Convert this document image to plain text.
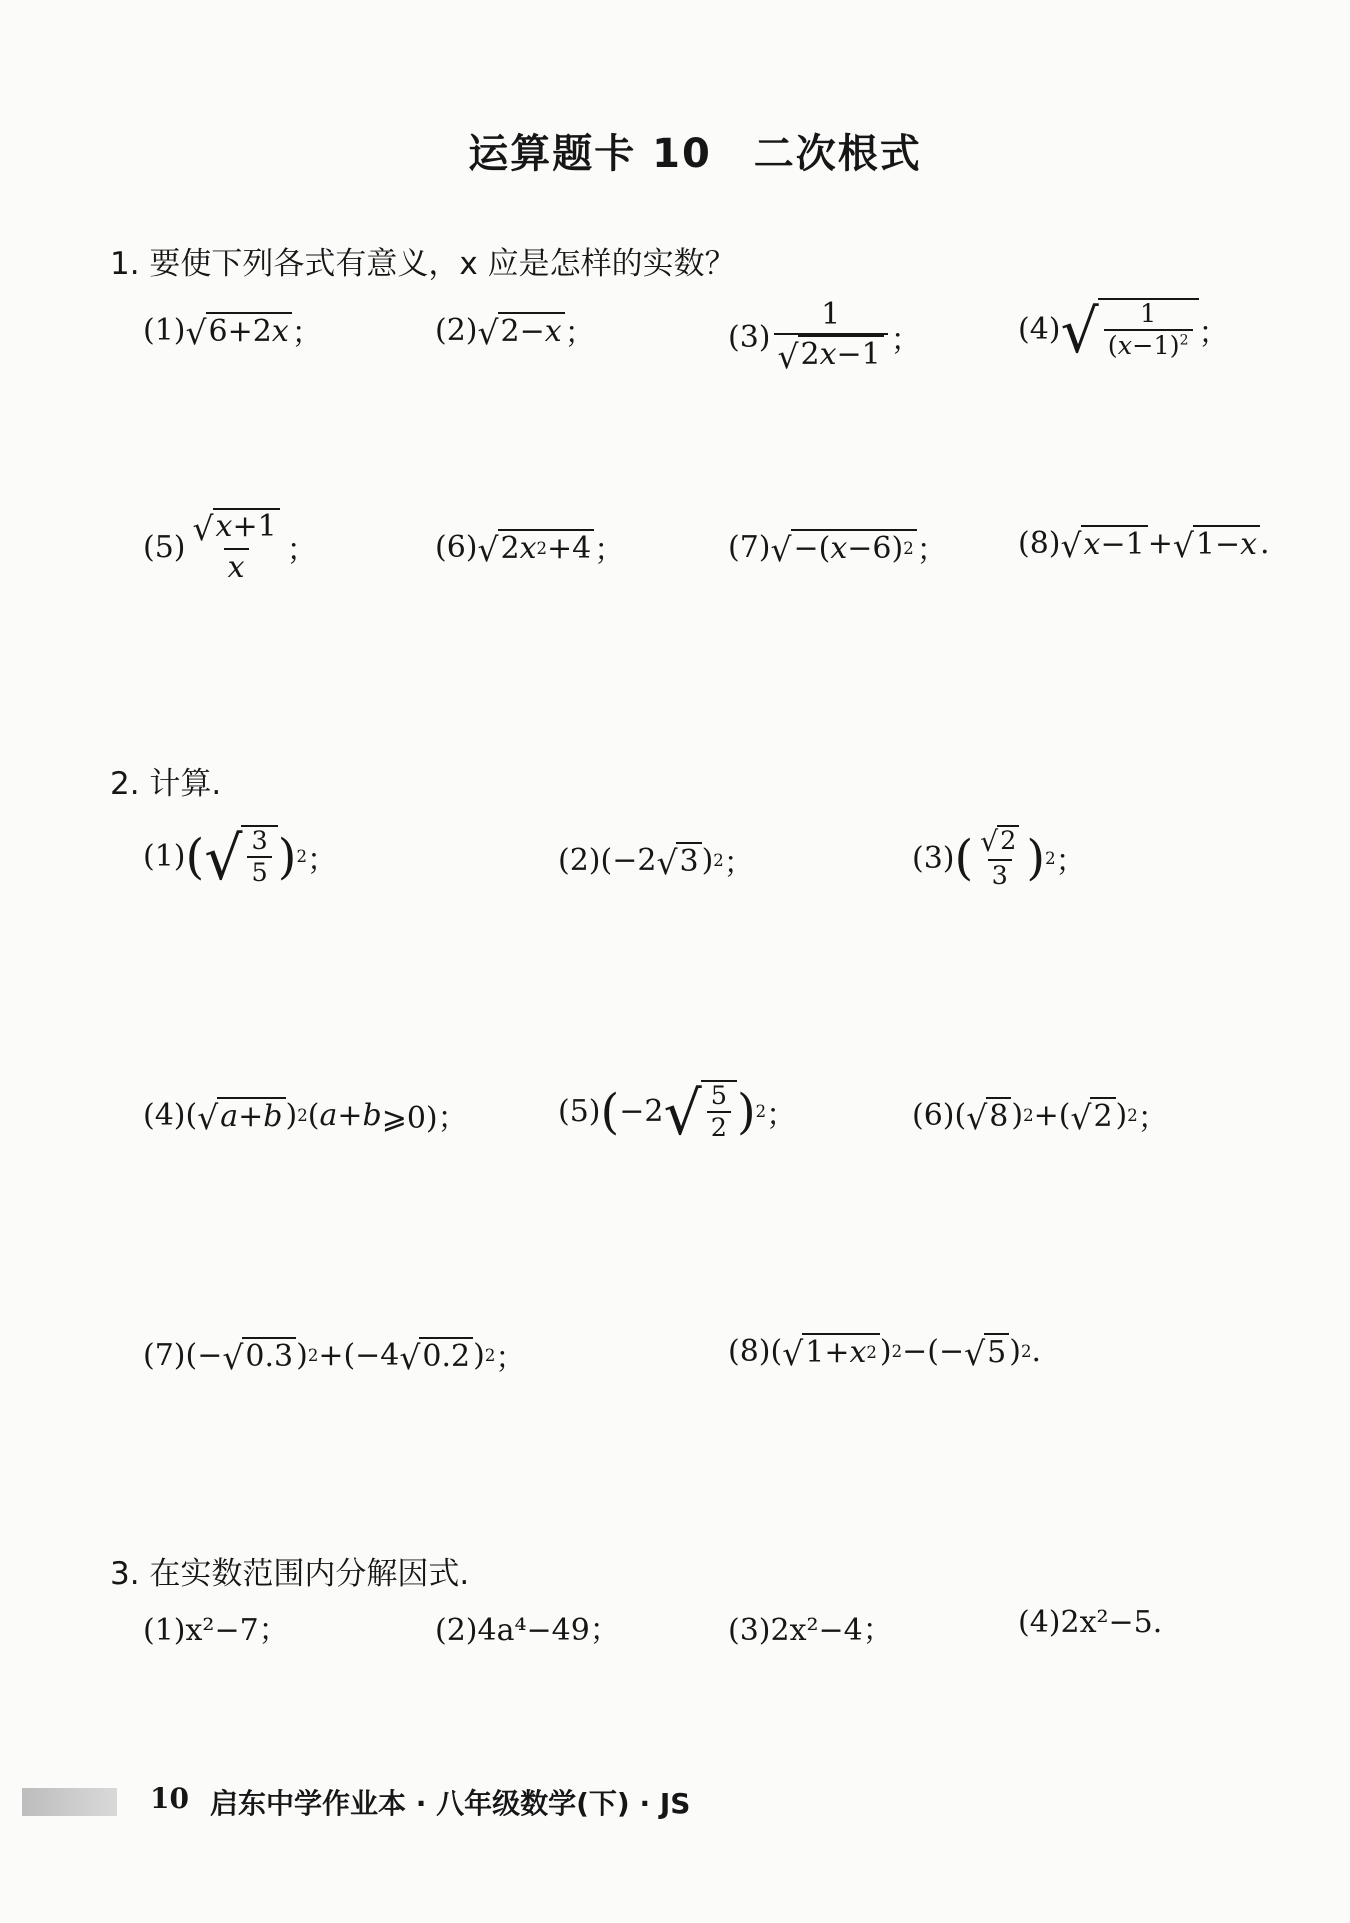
运算题卡 10　二次根式
1. 要使下列各式有意义，x 应是怎样的实数？
(1) √ 6+2 x ；	(2) √ 2− x ；	$(3) \frac{1}{√ 2 x -1}$ ；	(4) √ $\frac{1}{(x-1)^2}$ ；
$(5) \frac{√ x +1}{x}$ ；	(6) √ 2 x 2 +4 ；	(7) √ −( x −6) 2 ； (8) √ x −1 + √ 1− x .
2. 计算.
(1) ( √ $\frac{3}{5}$ ) 2 ；	(2) (−2 √ 3 ) 2 ；	(3) ( $\frac{√ 2}{3}$ ) 2 ；
(4) ( √ a + b ) 2 ( a + b ⩾0)；	(5) ( −2 √ $\frac{5}{2}$ ) 2 ；	(6) ( √ 8 ) 2 +( √ 2 ) 2 ；
(7) (− √ 0.3 ) 2 +(−4 √ 0.2 ) 2 ；	(8) ( √ 1+ x 2 ) 2 −(− √ 5 ) 2 .
3. 在实数范围内分解因式.
(1)x²−7；	(2)4a⁴−49；	(3)2x²−4；	(4)2x²−5.
10 启东中学作业本 · 八年级数学(下) · JS
